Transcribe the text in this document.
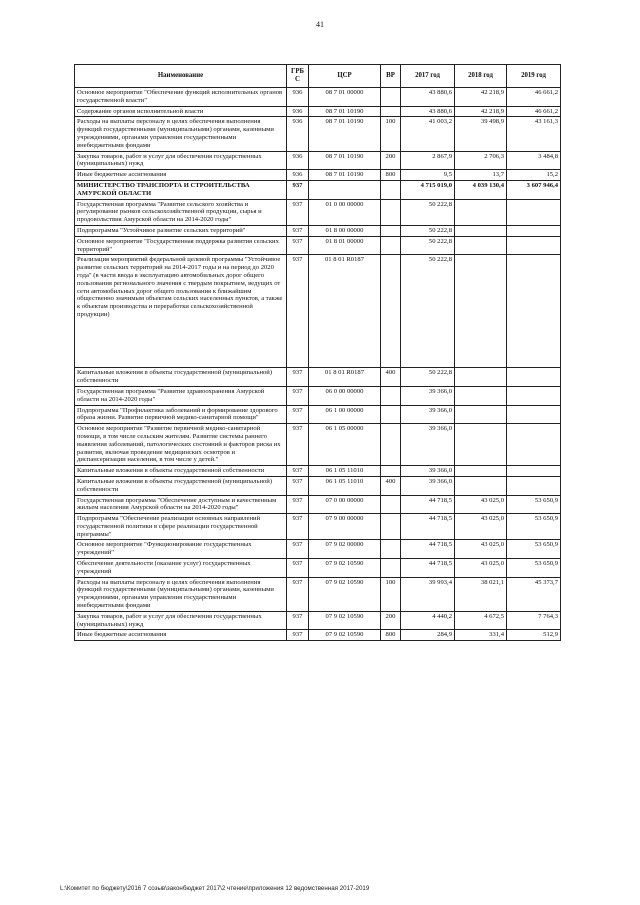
41
Наименование	ГРБС	ЦСР	ВР	2017 год	2018 год	2019 год
Основное мероприятие "Обеспечение функций исполнительных органов государственной власти"	936	08 7 01 00000		43 880,6	42 218,9	46 661,2
Содержание органов исполнительной власти	936	08 7 01 10190		43 880,6	42 218,9	46 661,2
Расходы на выплаты персоналу в целях обеспечения выполнения функций государственными (муниципальными) органами, казенными учреждениями, органами управления государственными внебюджетными фондами	936	08 7 01 10190	100	41 003,2	39 498,9	43 161,3
Закупка товаров, работ и услуг для обеспечения государственных (муниципальных) нужд	936	08 7 01 10190	200	2 867,9	2 706,3	3 484,8
Иные бюджетные ассигнования	936	08 7 01 10190	800	9,5	13,7	15,2
МИНИСТЕРСТВО ТРАНСПОРТА И СТРОИТЕЛЬСТВА АМУРСКОЙ ОБЛАСТИ	937			4 715 019,0	4 039 130,4	3 607 946,4
Государственная программа "Развитие сельского хозяйства и регулирование рынков сельскохозяйственной продукции, сырья и продовольствия Амурской области на 2014-2020 годы"	937	01 0 00 00000		50 222,8		
Подпрограмма "Устойчивое развитие сельских территорий"	937	01 8 00 00000		50 222,8		
Основное мероприятие "Государственная поддержка развития сельских территорий"	937	01 8 01 00000		50 222,8		
Реализация мероприятий федеральной целевой программы "Устойчивое развитие сельских территорий на 2014-2017 годы и на период до 2020 года" (в части ввода в эксплуатацию автомобильных дорог общего пользования регионального значения с твердым покрытием, ведущих от сети автомобильных дорог общего пользования к ближайшим общественно значимым объектам сельских населенных пунктов, а также к объектам производства и переработки сельскохозяйственной продукции)	937	01 8 01 R0187		50 222,8		
Капитальные вложения в объекты государственной (муниципальной) собственности	937	01 8 01 R0187	400	50 222,8		
Государственная программа "Развитие здравоохранения Амурской области на 2014-2020 годы"	937	06 0 00 00000		39 366,0		
Подпрограмма "Профилактика заболеваний и формирование здорового образа жизни. Развитие первичной медико-санитарной помощи"	937	06 1 00 00000		39 366,0		
Основное мероприятие "Развитие первичной медико-санитарной помощи, в том числе сельским жителям. Развитие системы раннего выявления заболеваний, патологических состояний и факторов риска их развития, включая проведение медицинских осмотров и диспансеризации населения, в том числе у детей."	937	06 1 05 00000		39 366,0		
Капитальные вложения в объекты государственной собственности	937	06 1 05 11010		39 366,0		
Капитальные вложения в объекты государственной (муниципальной) собственности	937	06 1 05 11010	400	39 366,0		
Государственная программа "Обеспечение доступным и качественным жильем населения Амурской области на 2014-2020 годы"	937	07 0 00 00000		44 718,5	43 025,0	53 650,9
Подпрограмма "Обеспечение реализации основных направлений государственной политики в сфере реализации государственной программы"	937	07 9 00 00000		44 718,5	43 025,0	53 650,9
Основное мероприятие "Функционирование государственных учреждений"	937	07 9 02 00000		44 718,5	43 025,0	53 650,9
Обеспечение деятельности (оказание услуг) государственных учреждений	937	07 9 02 10590		44 718,5	43 025,0	53 650,9
Расходы на выплаты персоналу в целях обеспечения выполнения функций государственными (муниципальными) органами, казенными учреждениями, органами управления государственными внебюджетными фондами	937	07 9 02 10590	100	39 993,4	38 021,1	45 373,7
Закупка товаров, работ и услуг для обеспечения государственных (муниципальных) нужд	937	07 9 02 10590	200	4 440,2	4 672,5	7 764,3
Иные бюджетные ассигнования	937	07 9 02 10590	800	284,9	331,4	512,9
L:\Комитет по бюджету\2016 7 созыв\законбюджет 2017\2 чтение\приложения 12 ведомственная 2017-2019
